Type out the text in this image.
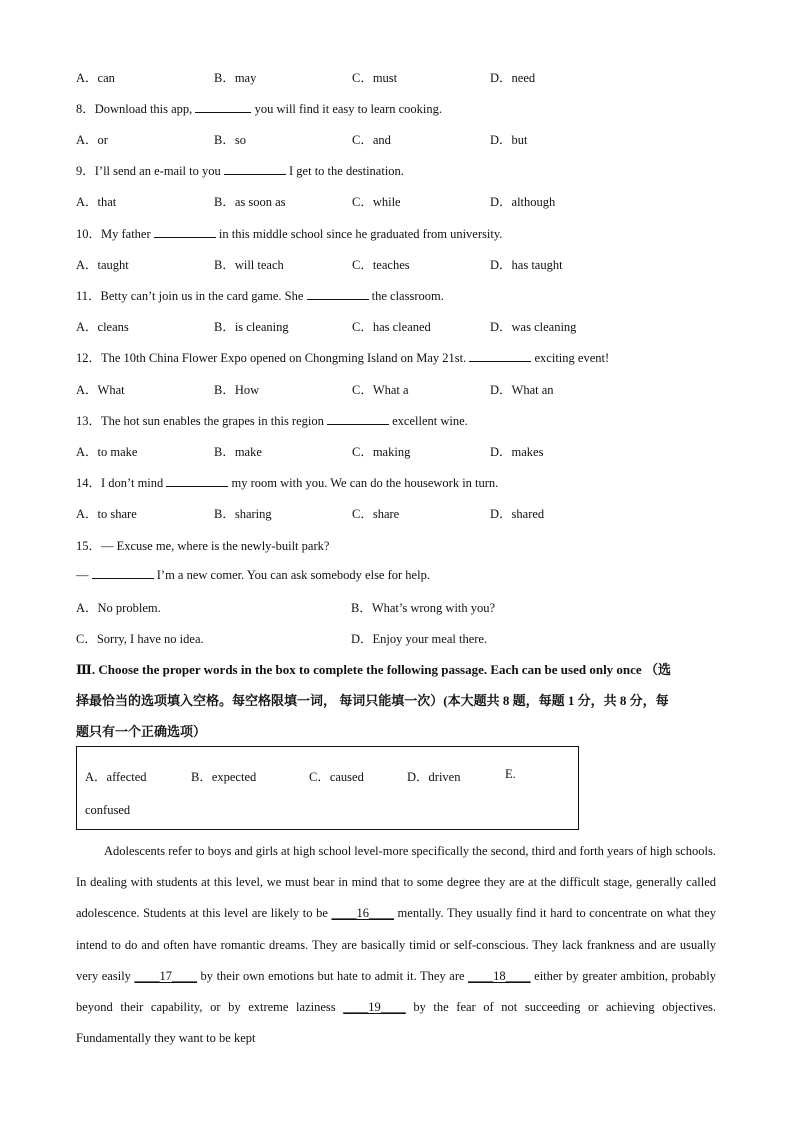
A．can	B．may	C．must	D．need
8．Download this app,	you will find it easy to learn cooking.
A．or	B．so	C．and	D．but
9．I’ll send an e-mail to you	I get to the destination.
A．that	B．as soon as	C．while	D．although
10．My father	in this middle school since he graduated from university.
A．taught	B．will teach	C．teaches	D．has taught
11．Betty can’t join us in the card game. She	the classroom.
A．cleans	B．is cleaning	C．has cleaned	D．was cleaning
12．The 10th China Flower Expo opened on Chongming Island on May 21st.	exciting event!
A．What	B．How	C．What a	D．What an
13．The hot sun enables the grapes in this region	excellent wine.
A．to make	B．make	C．making	D．makes
14．I don’t mind	my room with you. We can do the housework in turn.
A．to share	B．sharing	C．share	D．shared
15．— Excuse me, where is the newly-built park?
—	I’m a new comer. You can ask somebody else for help.
A．No problem.	B．What’s wrong with you?
C．Sorry, I have no idea.	D．Enjoy your meal there.
Ⅲ. Choose the proper words in the box to complete the following passage. Each can be used only once （选
择最恰当的选项填入空格。每空格限填一词， 每词只能填一次）(本大题共 8 题，每题 1 分，共 8 分，每
题只有一个正确选项）
A．affected	B．expected	C．caused	D．driven	E.
confused

Adolescents refer to boys and girls at high school level-more specifically the second, third and forth years of high schools. In dealing with students at this level, we must bear in mind that to some degree they are at the difficult stage, generally called adolescence. Students at this level are likely to be ____16____ mentally. They usually find it hard to concentrate on what they intend to do and often have romantic dreams. They are basically timid or self-conscious. They lack frankness and are usually very easily ____17____ by their own emotions but hate to admit it. They are ____18____ either by greater ambition, probably beyond their capability, or by extreme laziness ____19____ by the fear of not succeeding or achieving objectives. Fundamentally they want to be kept
